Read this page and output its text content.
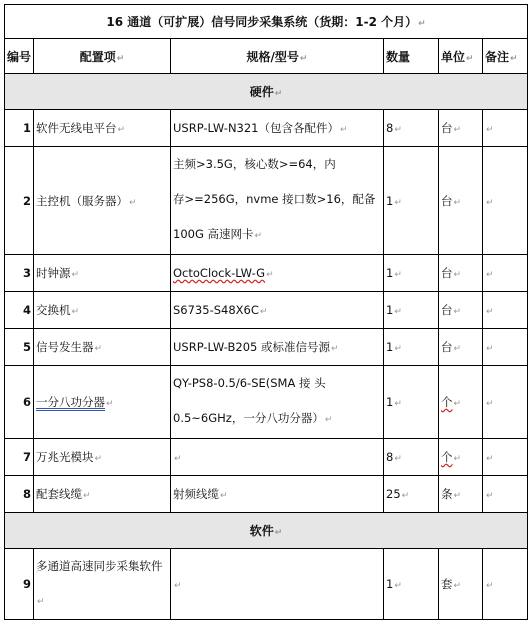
16 通道（可扩展）信号同步采集系统（货期：1-2 个月）↵					
编号	配置项↵	规格/型号↵	数量	单位↵	备注↵
硬件↵					
1	软件无线电平台↵	USRP-LW-N321（包含各配件）↵	8↵	台↵	↵
2	主控机（服务器）↵	主频>3.5G，核心数>=64，内
存>=256G，nvme 接口数>16，配备
100G 高速网卡↵	1↵	台↵	↵
3	时钟源↵	OctoClock-LW-G↵	1↵	台↵	↵
4	交换机↵	S6735-S48X6C↵	1↵	台↵	↵
5	信号发生器↵	USRP-LW-B205 或标准信号源↵	1↵	台↵	↵
6	一分八功分器↵	QY-PS8-0.5/6-SE(SMA 接 头
0.5~6GHz，一分八功分器）↵	1↵	个↵	↵
7	万兆光模块↵	↵	8↵	个↵	↵
8	配套线缆↵	射频线缆↵	25↵	条↵	↵
软件↵					
9	多通道高速同步采集软件↵	↵	1↵	套↵	↵
